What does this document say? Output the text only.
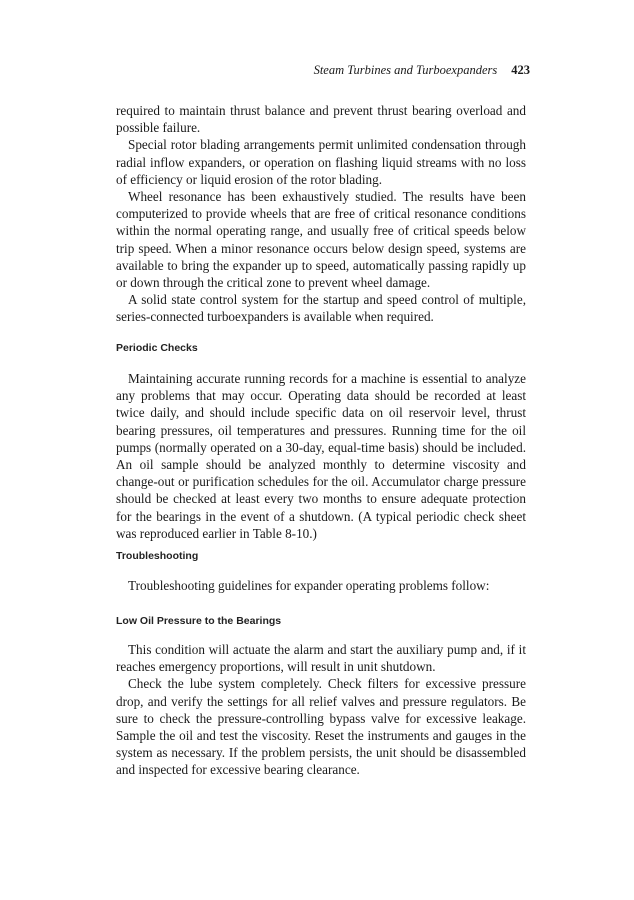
Steam Turbines and Turboexpanders 423

required to maintain thrust balance and prevent thrust bearing overload and possible failure.

Special rotor blading arrangements permit unlimited condensation through radial inflow expanders, or operation on flashing liquid streams with no loss of efficiency or liquid erosion of the rotor blading.

Wheel resonance has been exhaustively studied. The results have been computerized to provide wheels that are free of critical resonance conditions within the normal operating range, and usually free of critical speeds below trip speed. When a minor resonance occurs below design speed, systems are available to bring the expander up to speed, automatically passing rapidly up or down through the critical zone to prevent wheel damage.

A solid state control system for the startup and speed control of multiple, series-connected turboexpanders is available when required.

Periodic Checks

Maintaining accurate running records for a machine is essential to analyze any problems that may occur. Operating data should be recorded at least twice daily, and should include specific data on oil reservoir level, thrust bearing pressures, oil temperatures and pressures. Running time for the oil pumps (normally operated on a 30-day, equal-time basis) should be included. An oil sample should be analyzed monthly to determine viscosity and change-out or purification schedules for the oil. Accumulator charge pressure should be checked at least every two months to ensure adequate protection for the bearings in the event of a shutdown. (A typical periodic check sheet was reproduced earlier in Table 8-10.)

Troubleshooting

Troubleshooting guidelines for expander operating problems follow:

Low Oil Pressure to the Bearings

This condition will actuate the alarm and start the auxiliary pump and, if it reaches emergency proportions, will result in unit shutdown.

Check the lube system completely. Check filters for excessive pressure drop, and verify the settings for all relief valves and pressure regulators. Be sure to check the pressure-controlling bypass valve for excessive leakage. Sample the oil and test the viscosity. Reset the instruments and gauges in the system as necessary. If the problem persists, the unit should be disassembled and inspected for excessive bearing clearance.
